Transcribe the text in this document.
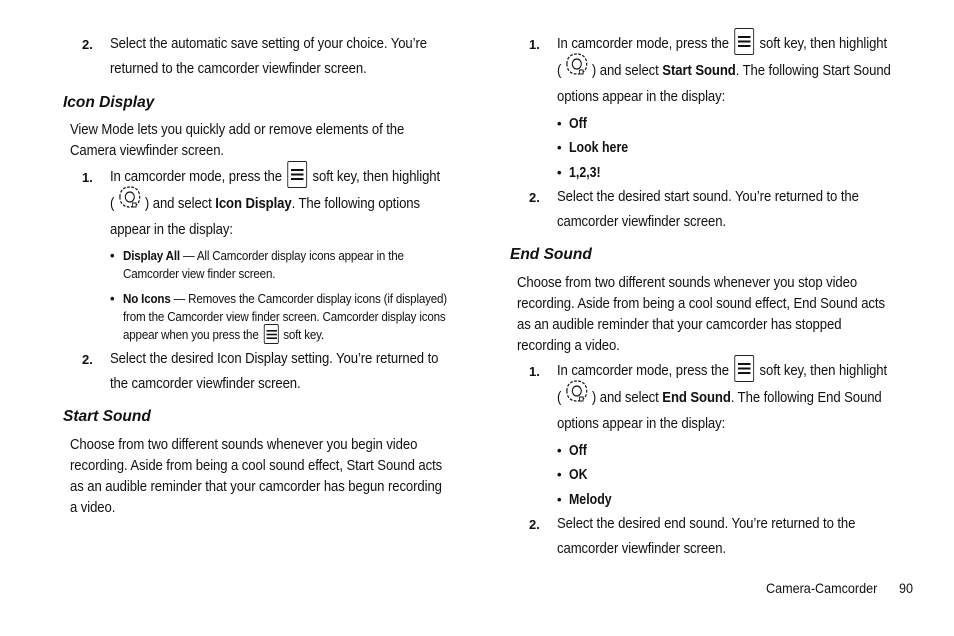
2. Select the automatic save setting of your choice. You’re
returned to the camcorder viewfinder screen.
Icon Display
View Mode lets you quickly add or remove elements of the
Camera viewfinder screen.
1. In camcorder mode, press the soft key, then highlight
( ) and select Icon Display. The following options
appear in the display:
• Display All — All Camcorder display icons appear in the
Camcorder view finder screen.
• No Icons — Removes the Camcorder display icons (if displayed)
from the Camcorder view finder screen. Camcorder display icons
appear when you press the soft key.
2. Select the desired Icon Display setting. You’re returned to
the camcorder viewfinder screen.
Start Sound
Choose from two different sounds whenever you begin video
recording. Aside from being a cool sound effect, Start Sound acts
as an audible reminder that your camcorder has begun recording
a video.
1. In camcorder mode, press the soft key, then highlight
( ) and select Start Sound. The following Start Sound
options appear in the display:
• Off
• Look here
• 1,2,3!
2. Select the desired start sound. You’re returned to the
camcorder viewfinder screen.
End Sound
Choose from two different sounds whenever you stop video
recording. Aside from being a cool sound effect, End Sound acts
as an audible reminder that your camcorder has stopped
recording a video.
1. In camcorder mode, press the soft key, then highlight
( ) and select End Sound. The following End Sound
options appear in the display:
• Off
• OK
• Melody
2. Select the desired end sound. You’re returned to the
camcorder viewfinder screen.
Camera-Camcorder 90
